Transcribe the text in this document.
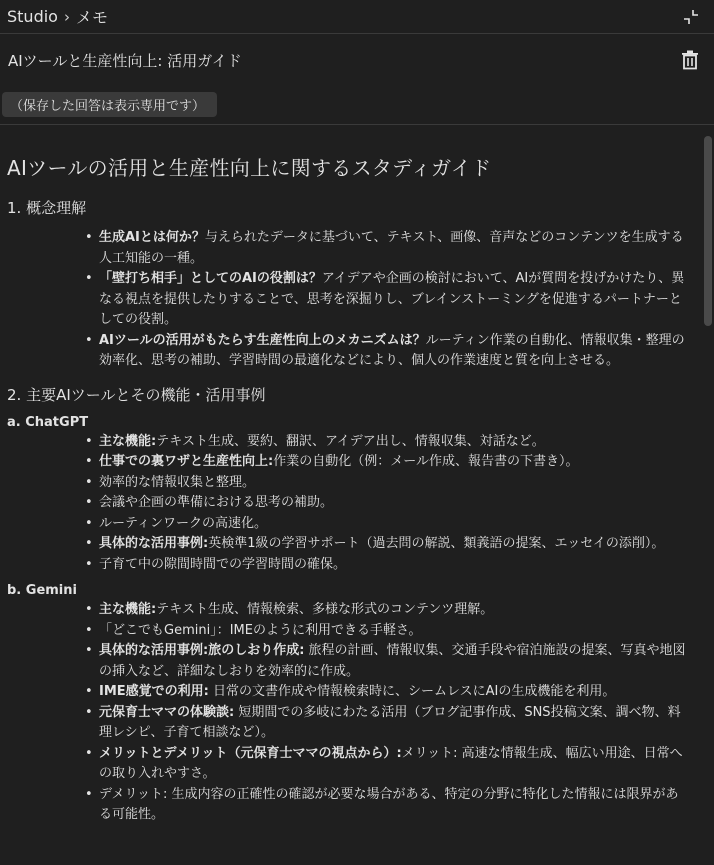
Studio › メモ
AIツールと生産性向上: 活用ガイド
（保存した回答は表示専用です）
AIツールの活用と生産性向上に関するスタディガイド
1. 概念理解
• 生成AIとは何か？与えられたデータに基づいて、テキスト、画像、音声などのコンテンツを生成する人工知能の一種。
• 「壁打ち相手」としてのAIの役割は？アイデアや企画の検討において、AIが質問を投げかけたり、異なる視点を提供したりすることで、思考を深掘りし、ブレインストーミングを促進するパートナーとしての役割。
• AIツールの活用がもたらす生産性向上のメカニズムは？ルーティン作業の自動化、情報収集・整理の効率化、思考の補助、学習時間の最適化などにより、個人の作業速度と質を向上させる。
2. 主要AIツールとその機能・活用事例
a. ChatGPT
• 主な機能:テキスト生成、要約、翻訳、アイデア出し、情報収集、対話など。
• 仕事での裏ワザと生産性向上:作業の自動化（例：メール作成、報告書の下書き）。
• 効率的な情報収集と整理。
• 会議や企画の準備における思考の補助。
• ルーティンワークの高速化。
• 具体的な活用事例:英検準1級の学習サポート（過去問の解説、類義語の提案、エッセイの添削）。
• 子育て中の隙間時間での学習時間の確保。
b. Gemini
• 主な機能:テキスト生成、情報検索、多様な形式のコンテンツ理解。
• 「どこでもGemini」：IMEのように利用できる手軽さ。
• 具体的な活用事例:旅のしおり作成: 旅程の計画、情報収集、交通手段や宿泊施設の提案、写真や地図の挿入など、詳細なしおりを効率的に作成。
• IME感覚での利用: 日常の文書作成や情報検索時に、シームレスにAIの生成機能を利用。
• 元保育士ママの体験談: 短期間での多岐にわたる活用（ブログ記事作成、SNS投稿文案、調べ物、料理レシピ、子育て相談など）。
• メリットとデメリット（元保育士ママの視点から）:メリット: 高速な情報生成、幅広い用途、日常への取り入れやすさ。
• デメリット: 生成内容の正確性の確認が必要な場合がある、特定の分野に特化した情報には限界がある可能性。
